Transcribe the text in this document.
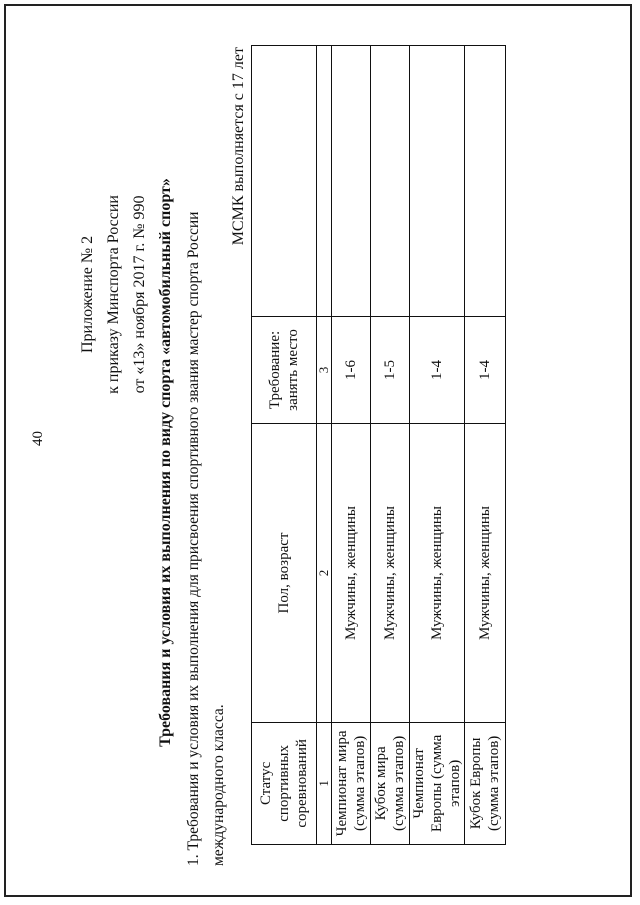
40
Приложение № 2 к приказу Минспорта России от «13» ноября 2017 г. № 990 Требования и условия их выполнения по виду спорта «автомобильный спорт» 1. Требования и условия их выполнения для присвоения спортивного звания мастер спорта России международного класса.
МСМК выполняется с 17 лет
Статус спортивных соревнований	Пол, возраст	Требование: занять место	
1	2	3	
Чемпионат мира (сумма этапов)	Мужчины, женщины	1-6	
Кубок мира (сумма этапов)	Мужчины, женщины	1-5	
Чемпионат Европы (сумма этапов)	Мужчины, женщины	1-4	
Кубок Европы (сумма этапов)	Мужчины, женщины	1-4	
